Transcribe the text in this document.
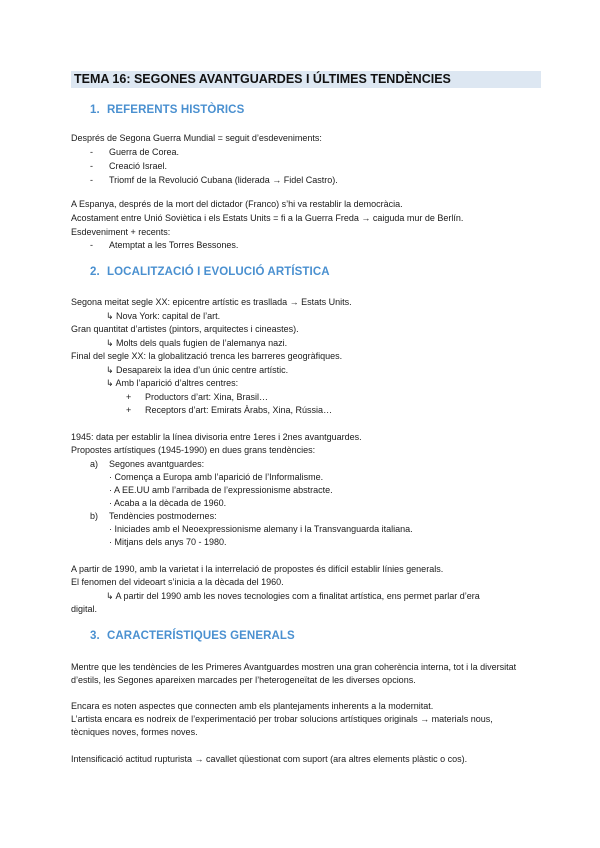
TEMA 16: SEGONES AVANTGUARDES I ÚLTIMES TENDÈNCIES
1. REFERENTS HISTÒRICS
Després de Segona Guerra Mundial = seguit d’esdeveniments:
- Guerra de Corea.
- Creació Israel.
- Triomf de la Revolució Cubana (liderada → Fidel Castro).
A Espanya, després de la mort del dictador (Franco) s’hi va restablir la democràcia.
Acostament entre Unió Soviètica i els Estats Units = fi a la Guerra Freda → caiguda mur de Berlín.
Esdeveniment + recents:
- Atemptat a les Torres Bessones.
2. LOCALITZACIÓ I EVOLUCIÓ ARTÍSTICA
Segona meitat segle XX: epicentre artístic es trasllada → Estats Units.
↳ Nova York: capital de l’art.
Gran quantitat d’artistes (pintors, arquitectes i cineastes).
↳ Molts dels quals fugien de l’alemanya nazi.
Final del segle XX: la globalització trenca les barreres geogràfiques.
↳ Desapareix la idea d’un únic centre artístic.
↳ Amb l’aparició d’altres centres:
+ Productors d’art: Xina, Brasil…
+ Receptors d’art: Emirats Àrabs, Xina, Rússia…
1945: data per establir la línea divisoria entre 1eres i 2nes avantguardes.
Propostes artístiques (1945-1990) en dues grans tendències:
a) Segones avantguardes:
· Comença a Europa amb l’aparició de l’Informalisme.
· A EE.UU amb l’arribada de l’expressionisme abstracte.
· Acaba a la dècada de 1960.
b) Tendències postmodernes:
· Iniciades amb el Neoexpressionisme alemany i la Transvanguarda italiana.
· Mitjans dels anys 70 - 1980.
A partir de 1990, amb la varietat i la interrelació de propostes és difícil establir línies generals.
El fenomen del videoart s’inicia a la dècada del 1960.
↳ A partir del 1990 amb les noves tecnologies com a finalitat artística, ens permet parlar d’era
digital.
3. CARACTERÍSTIQUES GENERALS
Mentre que les tendències de les Primeres Avantguardes mostren una gran coherència interna, tot i la diversitat d’estils, les Segones apareixen marcades per l’heterogeneïtat de les diverses opcions.
Encara es noten aspectes que connecten amb els plantejaments inherents a la modernitat.
L’artista encara es nodreix de l’experimentació per trobar solucions artístiques originals → materials nous, tècniques noves, formes noves.
Intensificació actitud rupturista → cavallet qüestionat com suport (ara altres elements plàstic o cos).
